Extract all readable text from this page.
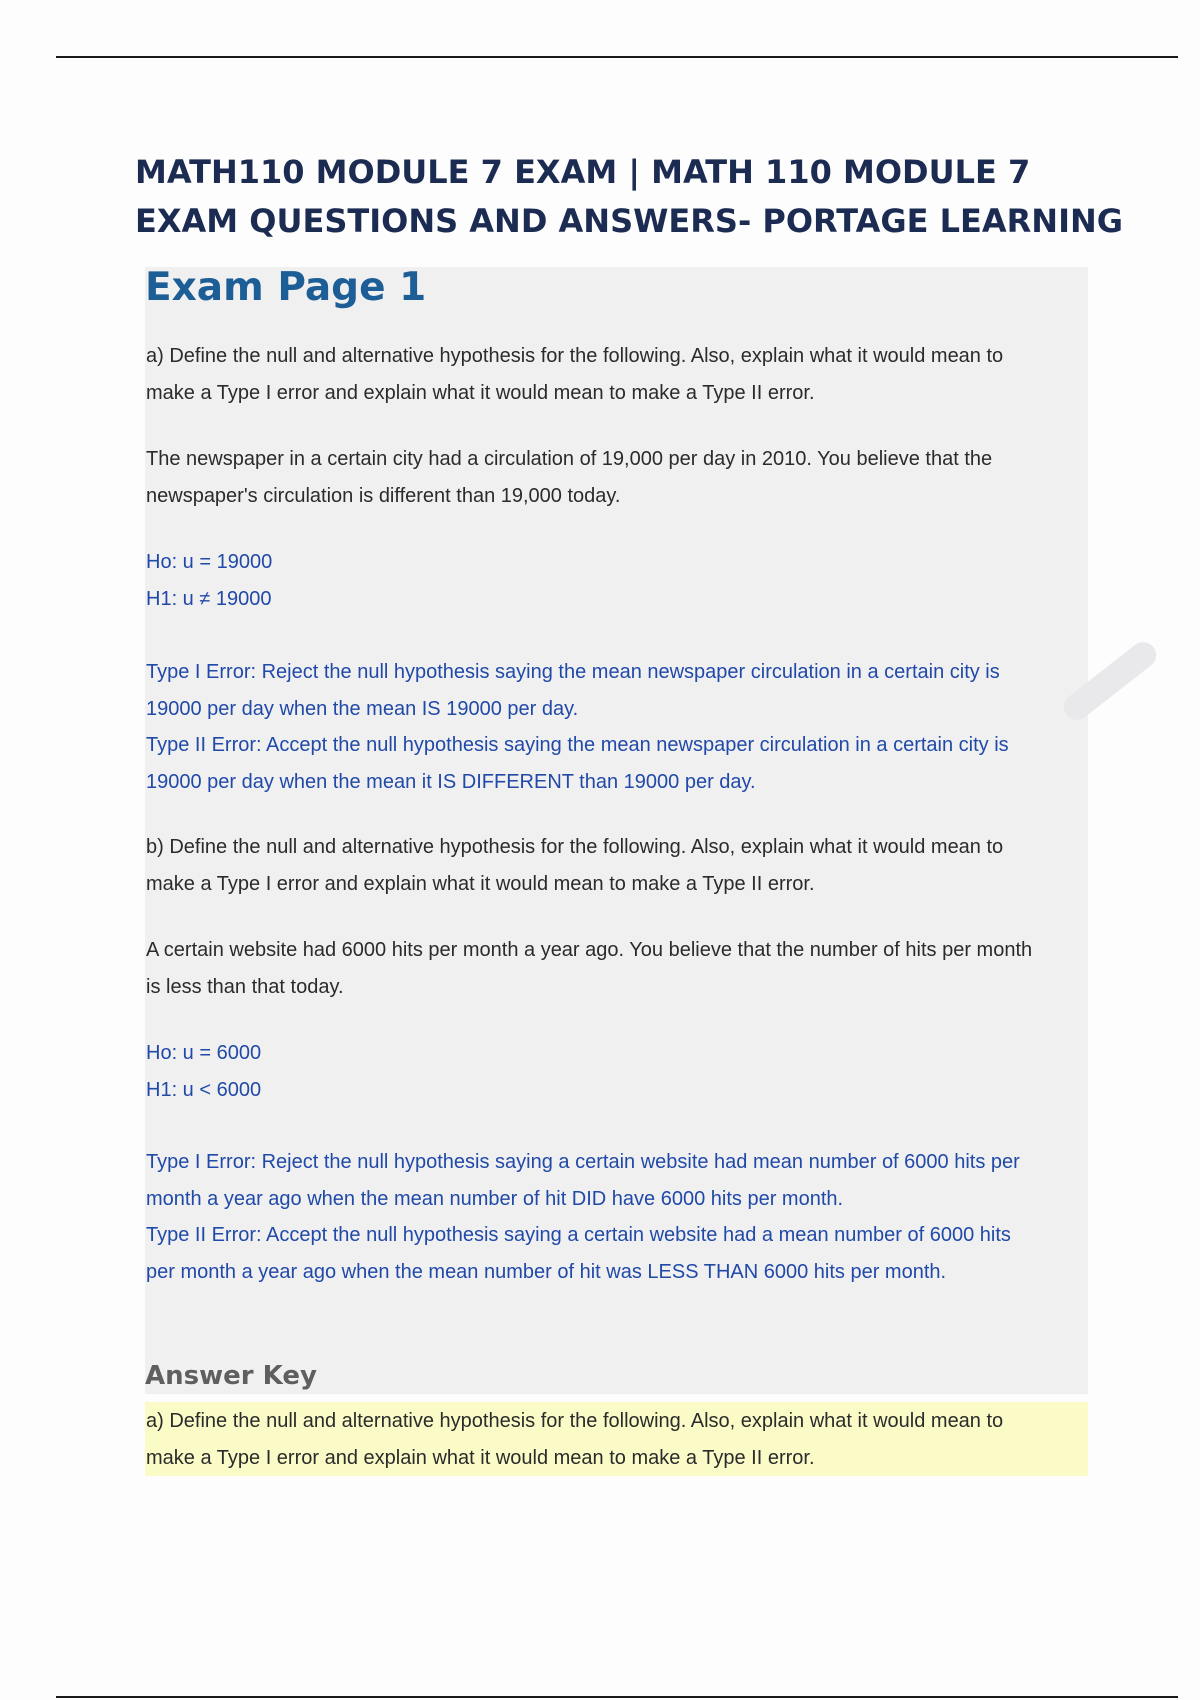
MATH110 MODULE 7 EXAM | MATH 110 MODULE 7
EXAM QUESTIONS AND ANSWERS- PORTAGE LEARNING
Exam Page 1

a) Define the null and alternative hypothesis for the following. Also, explain what it would mean to
make a Type I error and explain what it would mean to make a Type II error.

The newspaper in a certain city had a circulation of 19,000 per day in 2010. You believe that the
newspaper's circulation is different than 19,000 today.

Ho: u = 19000
H1: u ≠ 19000

Type I Error: Reject the null hypothesis saying the mean newspaper circulation in a certain city is
19000 per day when the mean IS 19000 per day.
Type II Error: Accept the null hypothesis saying the mean newspaper circulation in a certain city is
19000 per day when the mean it IS DIFFERENT than 19000 per day.

b) Define the null and alternative hypothesis for the following. Also, explain what it would mean to
make a Type I error and explain what it would mean to make a Type II error.

A certain website had 6000 hits per month a year ago. You believe that the number of hits per month
is less than that today.

Ho: u = 6000
H1: u < 6000

Type I Error: Reject the null hypothesis saying a certain website had mean number of 6000 hits per
month a year ago when the mean number of hit DID have 6000 hits per month.
Type II Error: Accept the null hypothesis saying a certain website had a mean number of 6000 hits
per month a year ago when the mean number of hit was LESS THAN 6000 hits per month.

Answer Key

a) Define the null and alternative hypothesis for the following. Also, explain what it would mean to
make a Type I error and explain what it would mean to make a Type II error.
